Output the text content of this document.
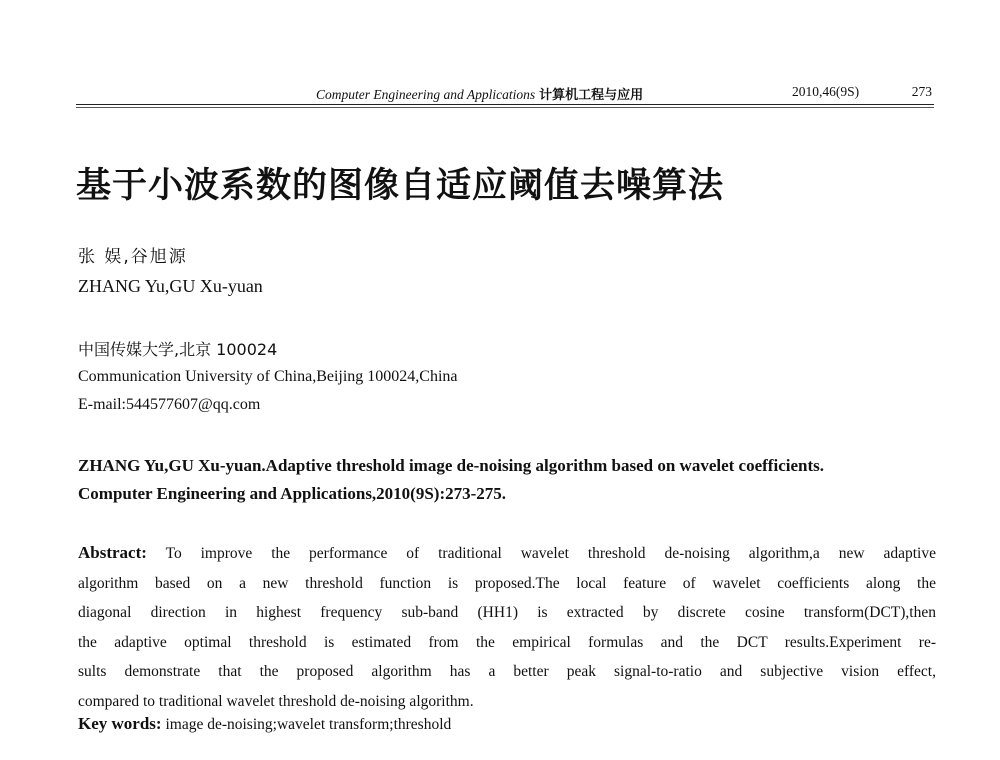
Computer Engineering and Applications 计算机工程与应用	2010,46(9S)	273
基于小波系数的图像自适应阈值去噪算法
张 娱,谷旭源
ZHANG Yu,GU Xu-yuan
中国传媒大学,北京 100024
Communication University of China,Beijing 100024,China
E-mail:544577607@qq.com
ZHANG Yu,GU Xu-yuan.Adaptive threshold image de-noising algorithm based on wavelet coefficients.
Computer Engineering and Applications,2010(9S):273-275.
Abstract: To improve the performance of traditional wavelet threshold de-noising algorithm,a new adaptive
algorithm based on a new threshold function is proposed.The local feature of wavelet coefficients along the
diagonal direction in highest frequency sub-band (HH1) is extracted by discrete cosine transform(DCT),then
the adaptive optimal threshold is estimated from the empirical formulas and the DCT results.Experiment re-
sults demonstrate that the proposed algorithm has a better peak signal-to-ratio and subjective vision effect,
compared to traditional wavelet threshold de-noising algorithm.
Key words: image de-noising;wavelet transform;threshold
